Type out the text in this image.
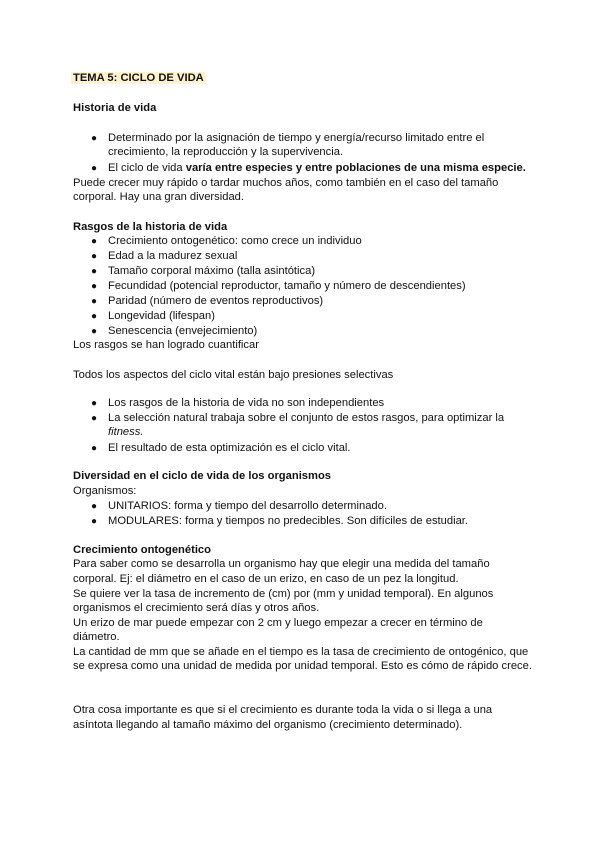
TEMA 5: CICLO DE VIDA
Historia de vida
● Determinado por la asignación de tiempo y energía/recurso limitado entre el
crecimiento, la reproducción y la supervivencia.
● El ciclo de vida varía entre especies y entre poblaciones de una misma especie.
Puede crecer muy rápido o tardar muchos años, como también en el caso del tamaño
corporal. Hay una gran diversidad.
Rasgos de la historia de vida
● Crecimiento ontogenético: como crece un individuo
● Edad a la madurez sexual
● Tamaño corporal máximo (talla asintótica)
● Fecundidad (potencial reproductor, tamaño y número de descendientes)
● Paridad (número de eventos reproductivos)
● Longevidad (lifespan)
● Senescencia (envejecimiento)
Los rasgos se han logrado cuantificar
Todos los aspectos del ciclo vital están bajo presiones selectivas
● Los rasgos de la historia de vida no son independientes
● La selección natural trabaja sobre el conjunto de estos rasgos, para optimizar la
fitness.
● El resultado de esta optimización es el ciclo vital.
Diversidad en el ciclo de vida de los organismos
Organismos:
● UNITARIOS: forma y tiempo del desarrollo determinado.
● MODULARES: forma y tiempos no predecibles. Son difíciles de estudiar.
Crecimiento ontogenético
Para saber como se desarrolla un organismo hay que elegir una medida del tamaño
corporal. Ej: el diámetro en el caso de un erizo, en caso de un pez la longitud.
Se quiere ver la tasa de incremento de (cm) por (mm y unidad temporal). En algunos
organismos el crecimiento será días y otros años.
Un erizo de mar puede empezar con 2 cm y luego empezar a crecer en término de
diámetro.
La cantidad de mm que se añade en el tiempo es la tasa de crecimiento de ontogénico, que
se expresa como una unidad de medida por unidad temporal. Esto es cómo de rápido crece.
Otra cosa importante es que si el crecimiento es durante toda la vida o si llega a una
asíntota llegando al tamaño máximo del organismo (crecimiento determinado).
